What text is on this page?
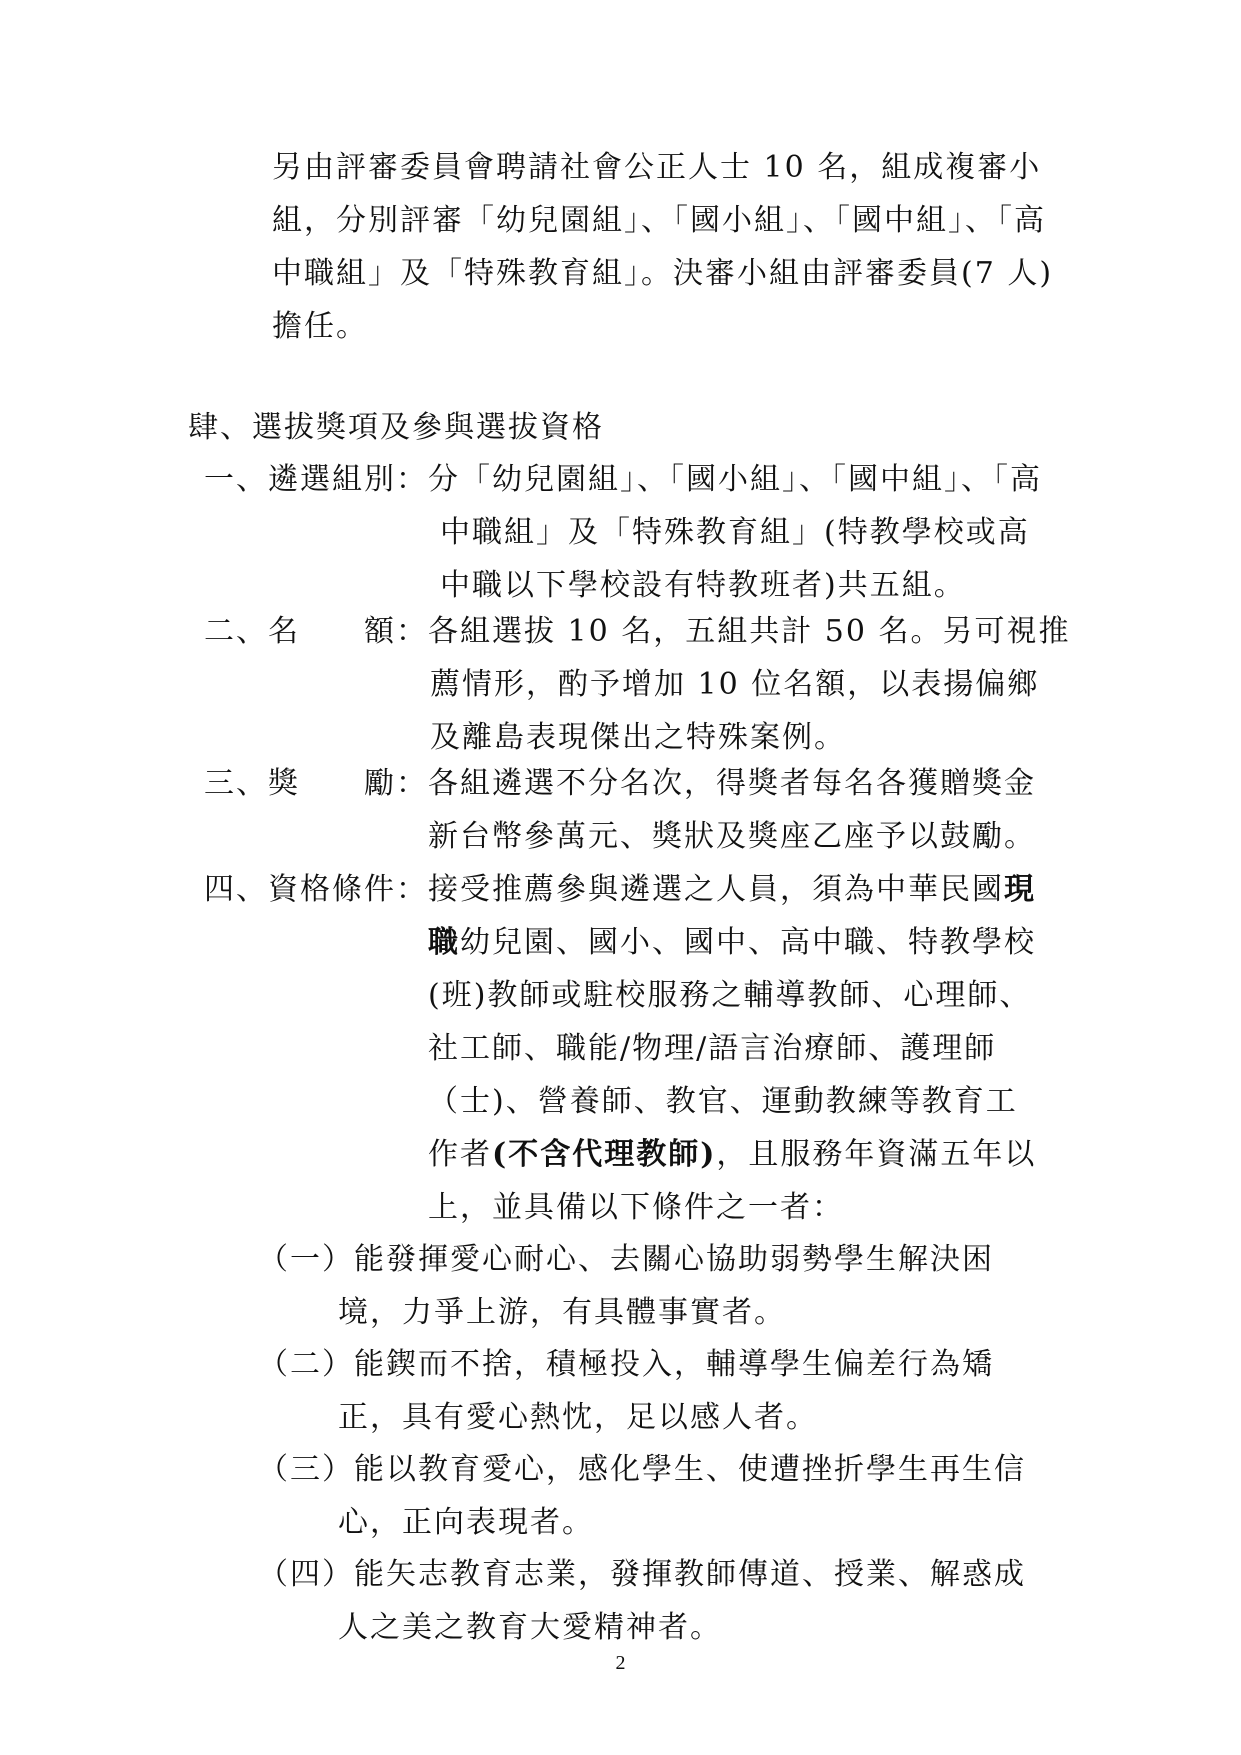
另由評審委員會聘請社會公正人士 10 名，組成複審小
組，分別評審「幼兒園組」、「國小組」、「國中組」、「高
中職組」及「特殊教育組」。決審小組由評審委員(7 人)
擔任。
肆、選拔獎項及參與選拔資格
一、遴選組別：分「幼兒園組」、「國小組」、「國中組」、「高
中職組」及「特殊教育組」(特教學校或高
中職以下學校設有特教班者)共五組。
二、名 額：各組選拔 10 名，五組共計 50 名。另可視推
薦情形，酌予增加 10 位名額，以表揚偏鄉
及離島表現傑出之特殊案例。
三、獎 勵：各組遴選不分名次，得獎者每名各獲贈獎金
新台幣參萬元、獎狀及獎座乙座予以鼓勵。
四、資格條件：接受推薦參與遴選之人員，須為中華民國現
職幼兒園、國小、國中、高中職、特教學校
(班)教師或駐校服務之輔導教師、心理師、
社工師、職能/物理/語言治療師、護理師
（士)、營養師、教官、運動教練等教育工
作者(不含代理教師)，且服務年資滿五年以
上，並具備以下條件之一者：
（一）能發揮愛心耐心、去關心協助弱勢學生解決困
境，力爭上游，有具體事實者。
（二）能鍥而不捨，積極投入，輔導學生偏差行為矯
正，具有愛心熱忱，足以感人者。
（三）能以教育愛心，感化學生、使遭挫折學生再生信
心，正向表現者。
（四）能矢志教育志業，發揮教師傳道、授業、解惑成
人之美之教育大愛精神者。
2
